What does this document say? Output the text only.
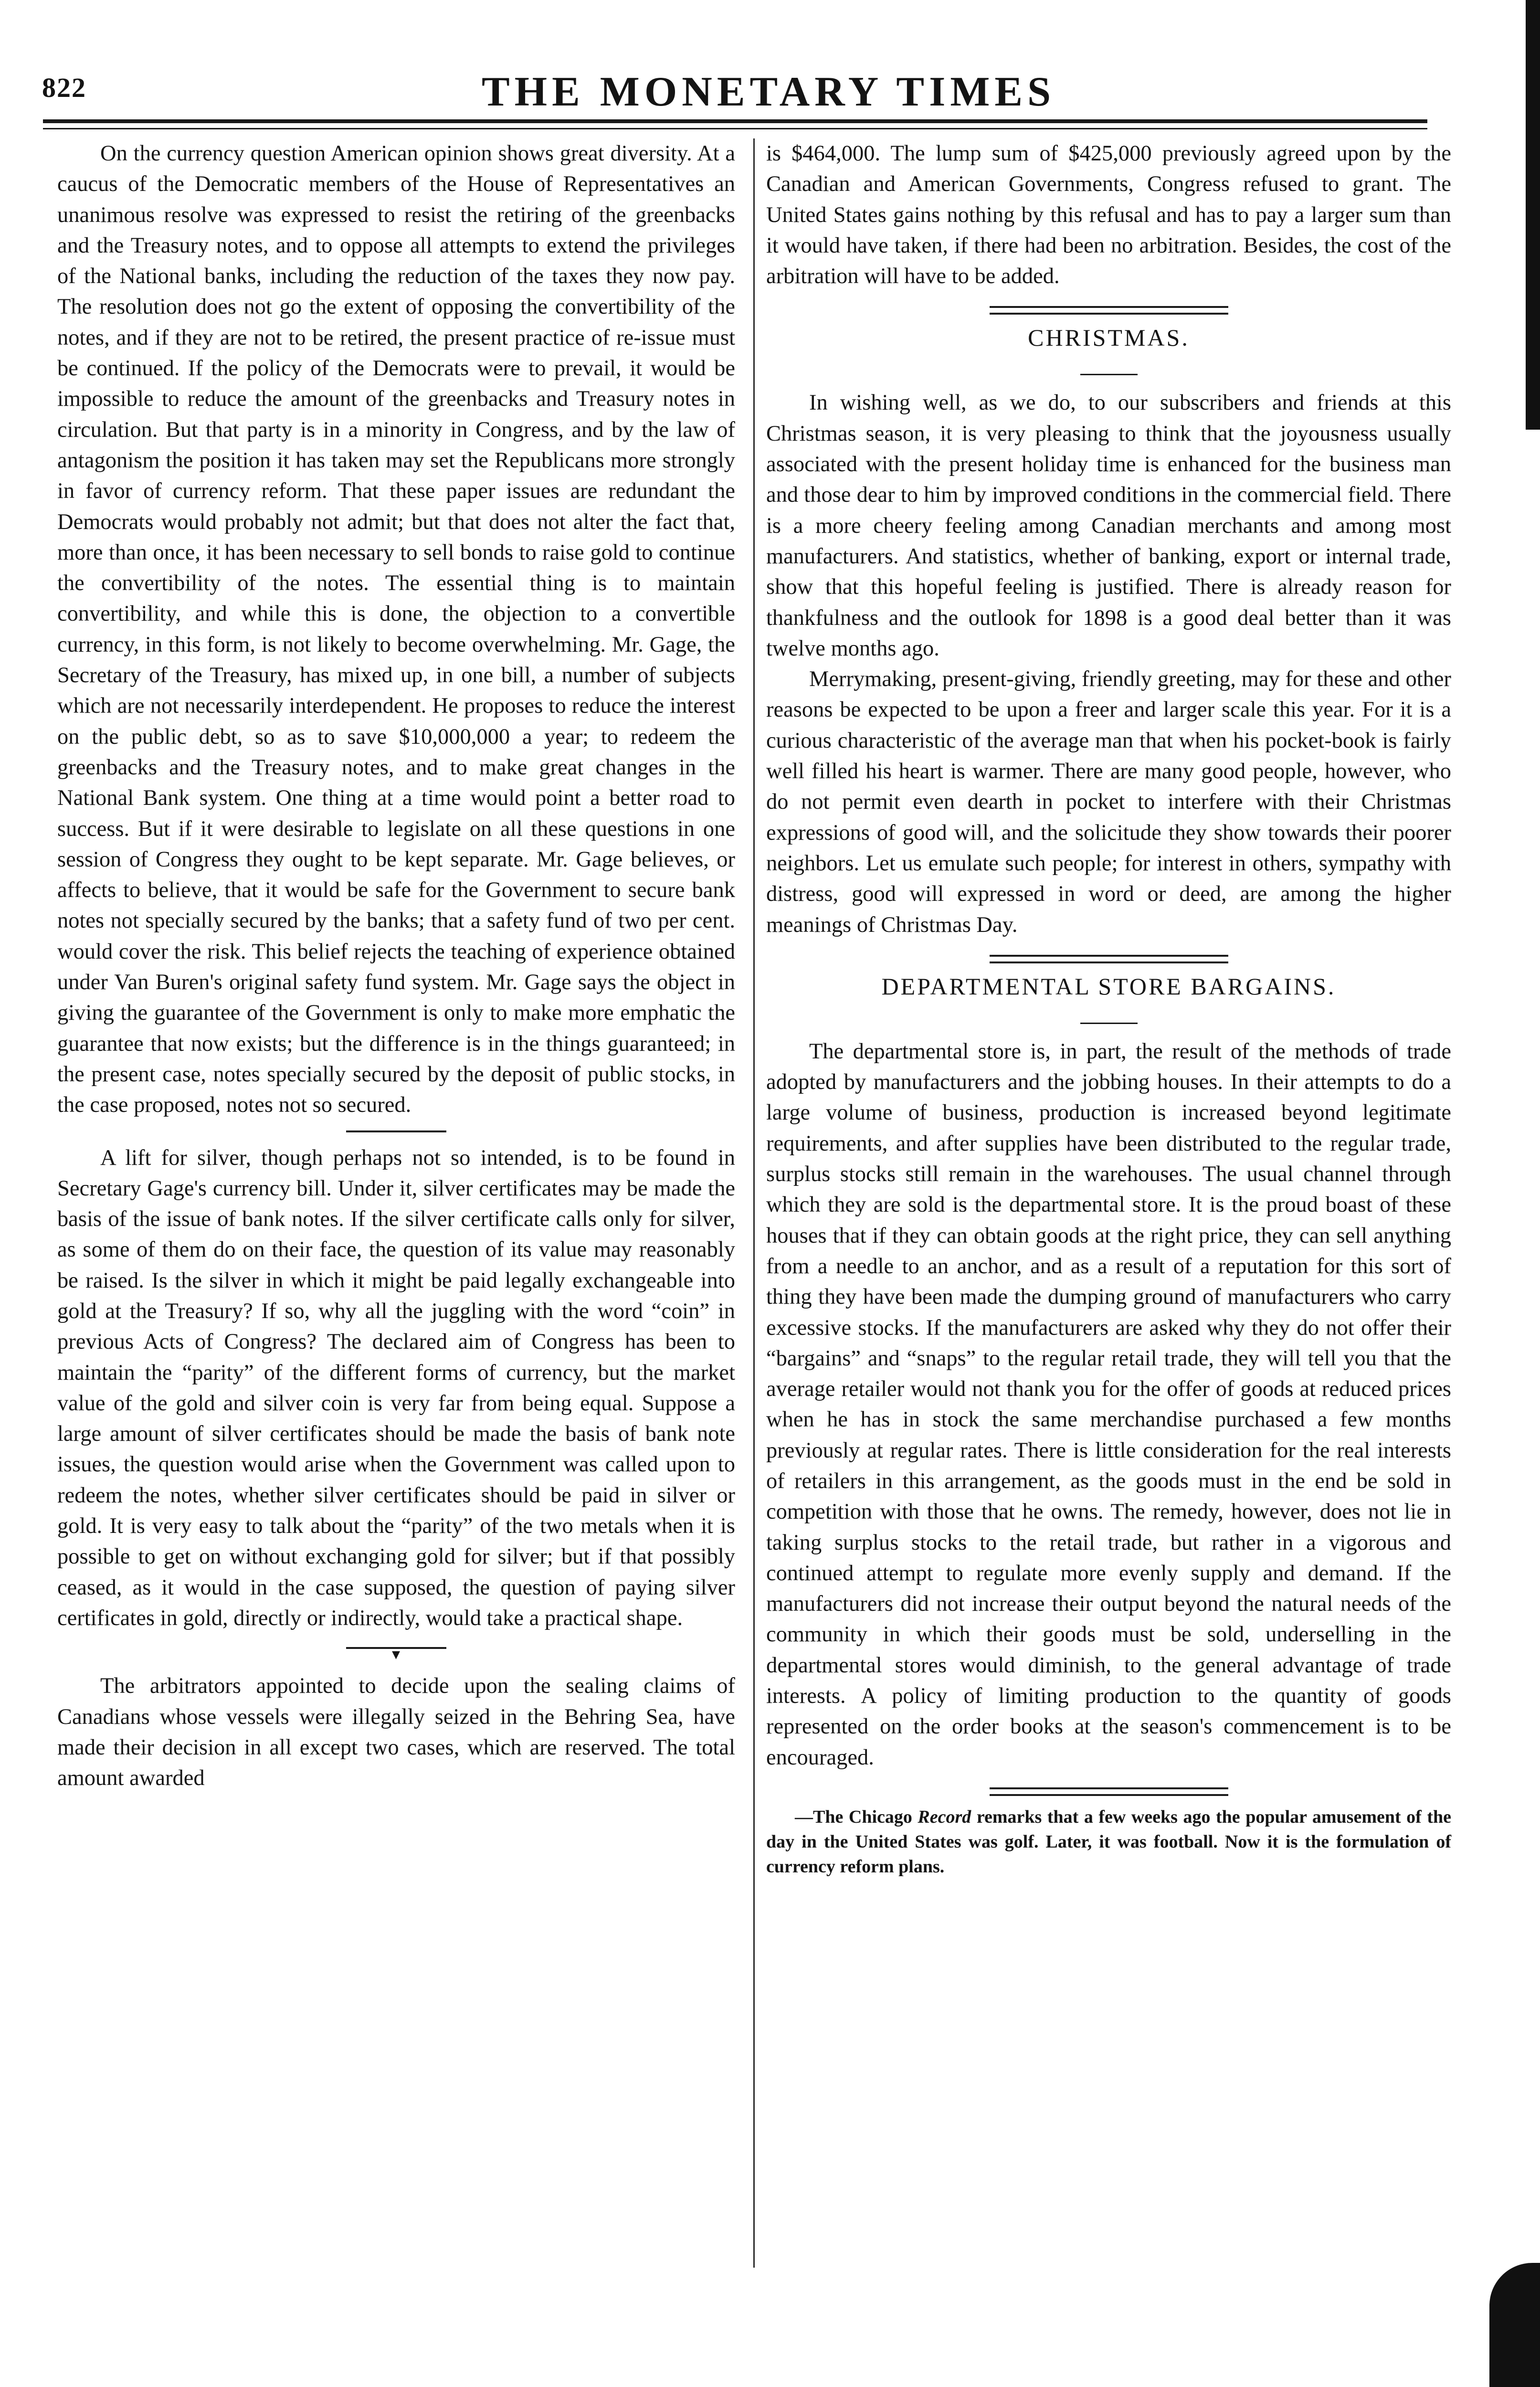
822	THE MONETARY TIMES

On the currency question American opinion shows great diversity. At a caucus of the Democratic members of the House of Representatives an unanimous resolve was expressed to resist the retiring of the greenbacks and the Treasury notes, and to oppose all attempts to extend the privileges of the National banks, including the reduction of the taxes they now pay. The resolution does not go the extent of opposing the convertibility of the notes, and if they are not to be retired, the present practice of re-issue must be continued. If the policy of the Democrats were to prevail, it would be impossible to reduce the amount of the greenbacks and Treasury notes in circulation. But that party is in a minority in Congress, and by the law of antagonism the position it has taken may set the Republicans more strongly in favor of currency reform. That these paper issues are redundant the Democrats would probably not admit; but that does not alter the fact that, more than once, it has been necessary to sell bonds to raise gold to continue the convertibility of the notes. The essential thing is to maintain convertibility, and while this is done, the objection to a convertible currency, in this form, is not likely to become overwhelming. Mr. Gage, the Secretary of the Treasury, has mixed up, in one bill, a number of subjects which are not necessarily interdependent. He proposes to reduce the interest on the public debt, so as to save $10,000,000 a year; to redeem the greenbacks and the Treasury notes, and to make great changes in the National Bank system. One thing at a time would point a better road to success. But if it were desirable to legislate on all these questions in one session of Congress they ought to be kept separate. Mr. Gage believes, or affects to believe, that it would be safe for the Government to secure bank notes not specially secured by the banks; that a safety fund of two per cent. would cover the risk. This belief rejects the teaching of experience obtained under Van Buren's original safety fund system. Mr. Gage says the object in giving the guarantee of the Government is only to make more emphatic the guarantee that now exists; but the difference is in the things guaranteed; in the present case, notes specially secured by the deposit of public stocks, in the case proposed, notes not so secured.

A lift for silver, though perhaps not so intended, is to be found in Secretary Gage's currency bill. Under it, silver certificates may be made the basis of the issue of bank notes. If the silver certificate calls only for silver, as some of them do on their face, the question of its value may reasonably be raised. Is the silver in which it might be paid legally exchangeable into gold at the Treasury? If so, why all the juggling with the word “coin” in previous Acts of Congress? The declared aim of Congress has been to maintain the “parity” of the different forms of currency, but the market value of the gold and silver coin is very far from being equal. Suppose a large amount of silver certificates should be made the basis of bank note issues, the question would arise when the Government was called upon to redeem the notes, whether silver certificates should be paid in silver or gold. It is very easy to talk about the “parity” of the two metals when it is possible to get on without exchanging gold for silver; but if that possibly ceased, as it would in the case supposed, the question of paying silver certificates in gold, directly or indirectly, would take a practical shape.

▾

The arbitrators appointed to decide upon the sealing claims of Canadians whose vessels were illegally seized in the Behring Sea, have made their decision in all except two cases, which are reserved. The total amount awarded

is $464,000. The lump sum of $425,000 previously agreed upon by the Canadian and American Governments, Congress refused to grant. The United States gains nothing by this refusal and has to pay a larger sum than it would have taken, if there had been no arbitration. Besides, the cost of the arbitration will have to be added.

CHRISTMAS.

In wishing well, as we do, to our subscribers and friends at this Christmas season, it is very pleasing to think that the joyousness usually associated with the present holiday time is enhanced for the business man and those dear to him by improved conditions in the commercial field. There is a more cheery feeling among Canadian merchants and among most manufacturers. And statistics, whether of banking, export or internal trade, show that this hopeful feeling is justified. There is already reason for thankfulness and the outlook for 1898 is a good deal better than it was twelve months ago.

Merrymaking, present-giving, friendly greeting, may for these and other reasons be expected to be upon a freer and larger scale this year. For it is a curious characteristic of the average man that when his pocket-book is fairly well filled his heart is warmer. There are many good people, however, who do not permit even dearth in pocket to interfere with their Christmas expressions of good will, and the solicitude they show towards their poorer neighbors. Let us emulate such people; for interest in others, sympathy with distress, good will expressed in word or deed, are among the higher meanings of Christmas Day.

DEPARTMENTAL STORE BARGAINS.

The departmental store is, in part, the result of the methods of trade adopted by manufacturers and the jobbing houses. In their attempts to do a large volume of business, production is increased beyond legitimate requirements, and after supplies have been distributed to the regular trade, surplus stocks still remain in the warehouses. The usual channel through which they are sold is the departmental store. It is the proud boast of these houses that if they can obtain goods at the right price, they can sell anything from a needle to an anchor, and as a result of a reputation for this sort of thing they have been made the dumping ground of manufacturers who carry excessive stocks. If the manufacturers are asked why they do not offer their “bargains” and “snaps” to the regular retail trade, they will tell you that the average retailer would not thank you for the offer of goods at reduced prices when he has in stock the same merchandise purchased a few months previously at regular rates. There is little consideration for the real interests of retailers in this arrangement, as the goods must in the end be sold in competition with those that he owns. The remedy, however, does not lie in taking surplus stocks to the retail trade, but rather in a vigorous and continued attempt to regulate more evenly supply and demand. If the manufacturers did not increase their output beyond the natural needs of the community in which their goods must be sold, underselling in the departmental stores would diminish, to the general advantage of trade interests. A policy of limiting production to the quantity of goods represented on the order books at the season's commencement is to be encouraged.

—The Chicago Record remarks that a few weeks ago the popular amusement of the day in the United States was golf. Later, it was football. Now it is the formulation of currency reform plans.
